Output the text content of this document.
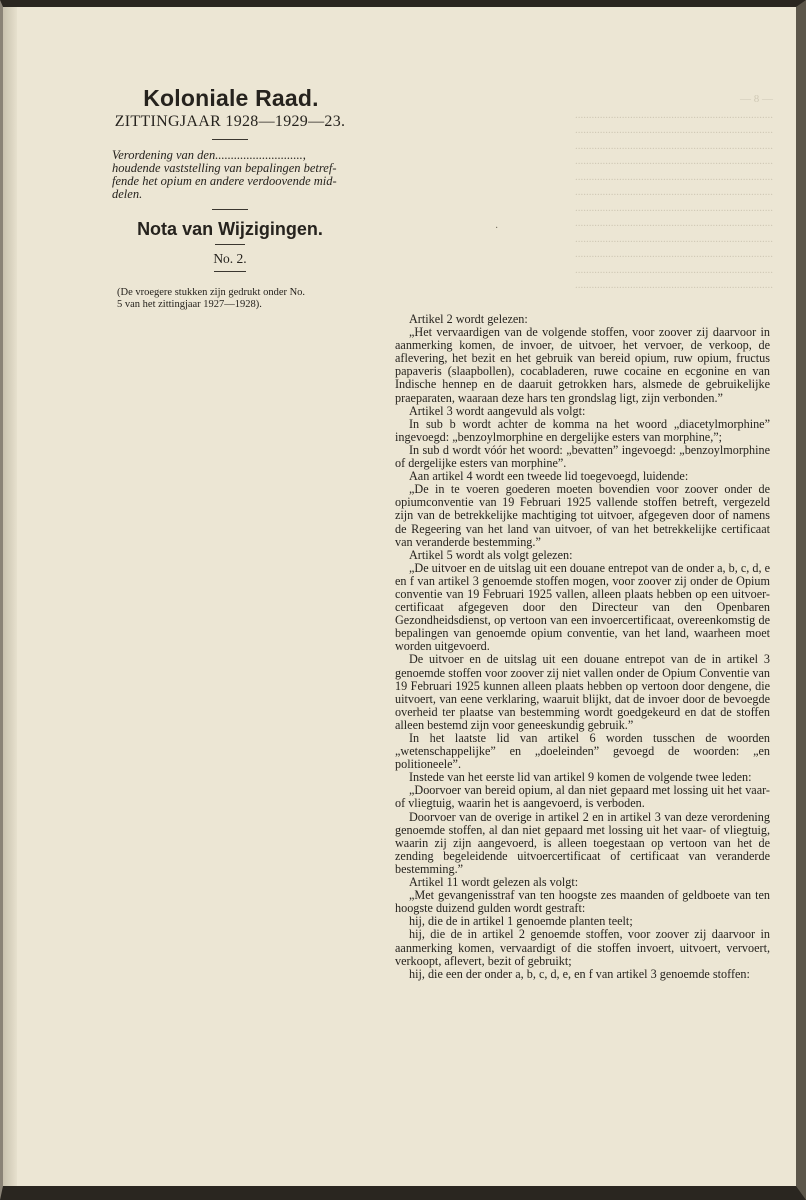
— 8 —
........................................................................
........................................................................
........................................................................
........................................................................
........................................................................
........................................................................
........................................................................
........................................................................
........................................................................
........................................................................
........................................................................
........................................................................
·
Koloniale Raad.
ZITTINGJAAR 1928—1929—23.

Verordening van den............................,

houdende vaststelling van bepalingen betref-

fende het opium en andere verdoovende mid-

delen.

Nota van Wijzigingen.
No. 2.

(De vroegere stukken zijn gedrukt onder No.

5 van het zittingjaar 1927—1928).

Artikel 2 wordt gelezen:

„Het vervaardigen van de volgende stoffen, voor zoover zij daarvoor in aanmerking komen, de invoer, de uitvoer, het vervoer, de verkoop, de aflevering, het bezit en het gebruik van bereid opium, ruw opium, fructus papaveris (slaapbollen), cocabladeren, ruwe cocaine en ecgonine en van Indische hennep en de daaruit getrokken hars, alsmede de gebruikelijke praeparaten, waaraan deze hars ten grondslag ligt, zijn verbonden.”

Artikel 3 wordt aangevuld als volgt:

In sub b wordt achter de komma na het woord „diacetylmorphine” ingevoegd: „benzoylmorphine en dergelijke esters van morphine,”;

In sub d wordt vóór het woord: „bevatten” ingevoegd: „benzoylmorphine of dergelijke esters van morphine”.

Aan artikel 4 wordt een tweede lid toegevoegd, luidende:

„De in te voeren goederen moeten bovendien voor zoover onder de opiumconventie van 19 Februari 1925 vallende stoffen betreft, vergezeld zijn van de betrekkelijke machtiging tot uitvoer, afgegeven door of namens de Regeering van het land van uitvoer, of van het betrekkelijke certificaat van veranderde bestemming.”

Artikel 5 wordt als volgt gelezen:

„De uitvoer en de uitslag uit een douane entrepot van de onder a, b, c, d, e en f van artikel 3 genoemde stoffen mogen, voor zoover zij onder de Opium conventie van 19 Februari 1925 vallen, alleen plaats hebben op een uitvoer-certificaat afgegeven door den Directeur van den Openbaren Gezondheidsdienst, op vertoon van een invoercertificaat, overeenkomstig de bepalingen van genoemde opium conventie, van het land, waarheen moet worden uitgevoerd.

De uitvoer en de uitslag uit een douane entrepot van de in artikel 3 genoemde stoffen voor zoover zij niet vallen onder de Opium Conventie van 19 Februari 1925 kunnen alleen plaats hebben op vertoon door dengene, die uitvoert, van eene verklaring, waaruit blijkt, dat de invoer door de bevoegde overheid ter plaatse van bestemming wordt goedgekeurd en dat de stoffen alleen bestemd zijn voor geneeskundig gebruik.”

In het laatste lid van artikel 6 worden tusschen de woorden „wetenschappelijke” en „doeleinden” gevoegd de woorden: „en politioneele”.

Instede van het eerste lid van artikel 9 komen de volgende twee leden:

„Doorvoer van bereid opium, al dan niet gepaard met lossing uit het vaar- of vliegtuig, waarin het is aangevoerd, is verboden.

Doorvoer van de overige in artikel 2 en in artikel 3 van deze verordening genoemde stoffen, al dan niet gepaard met lossing uit het vaar- of vliegtuig, waarin zij zijn aangevoerd, is alleen toegestaan op vertoon van het de zending begeleidende uitvoercertificaat of certificaat van veranderde bestemming.”

Artikel 11 wordt gelezen als volgt:

„Met gevangenisstraf van ten hoogste zes maanden of geldboete van ten hoogste duizend gulden wordt gestraft:

hij, die de in artikel 1 genoemde planten teelt;

hij, die de in artikel 2 genoemde stoffen, voor zoover zij daarvoor in aanmerking komen, vervaardigt of die stoffen invoert, uitvoert, vervoert, verkoopt, aflevert, bezit of gebruikt;

hij, die een der onder a, b, c, d, e, en f van artikel 3 genoemde stoffen:
